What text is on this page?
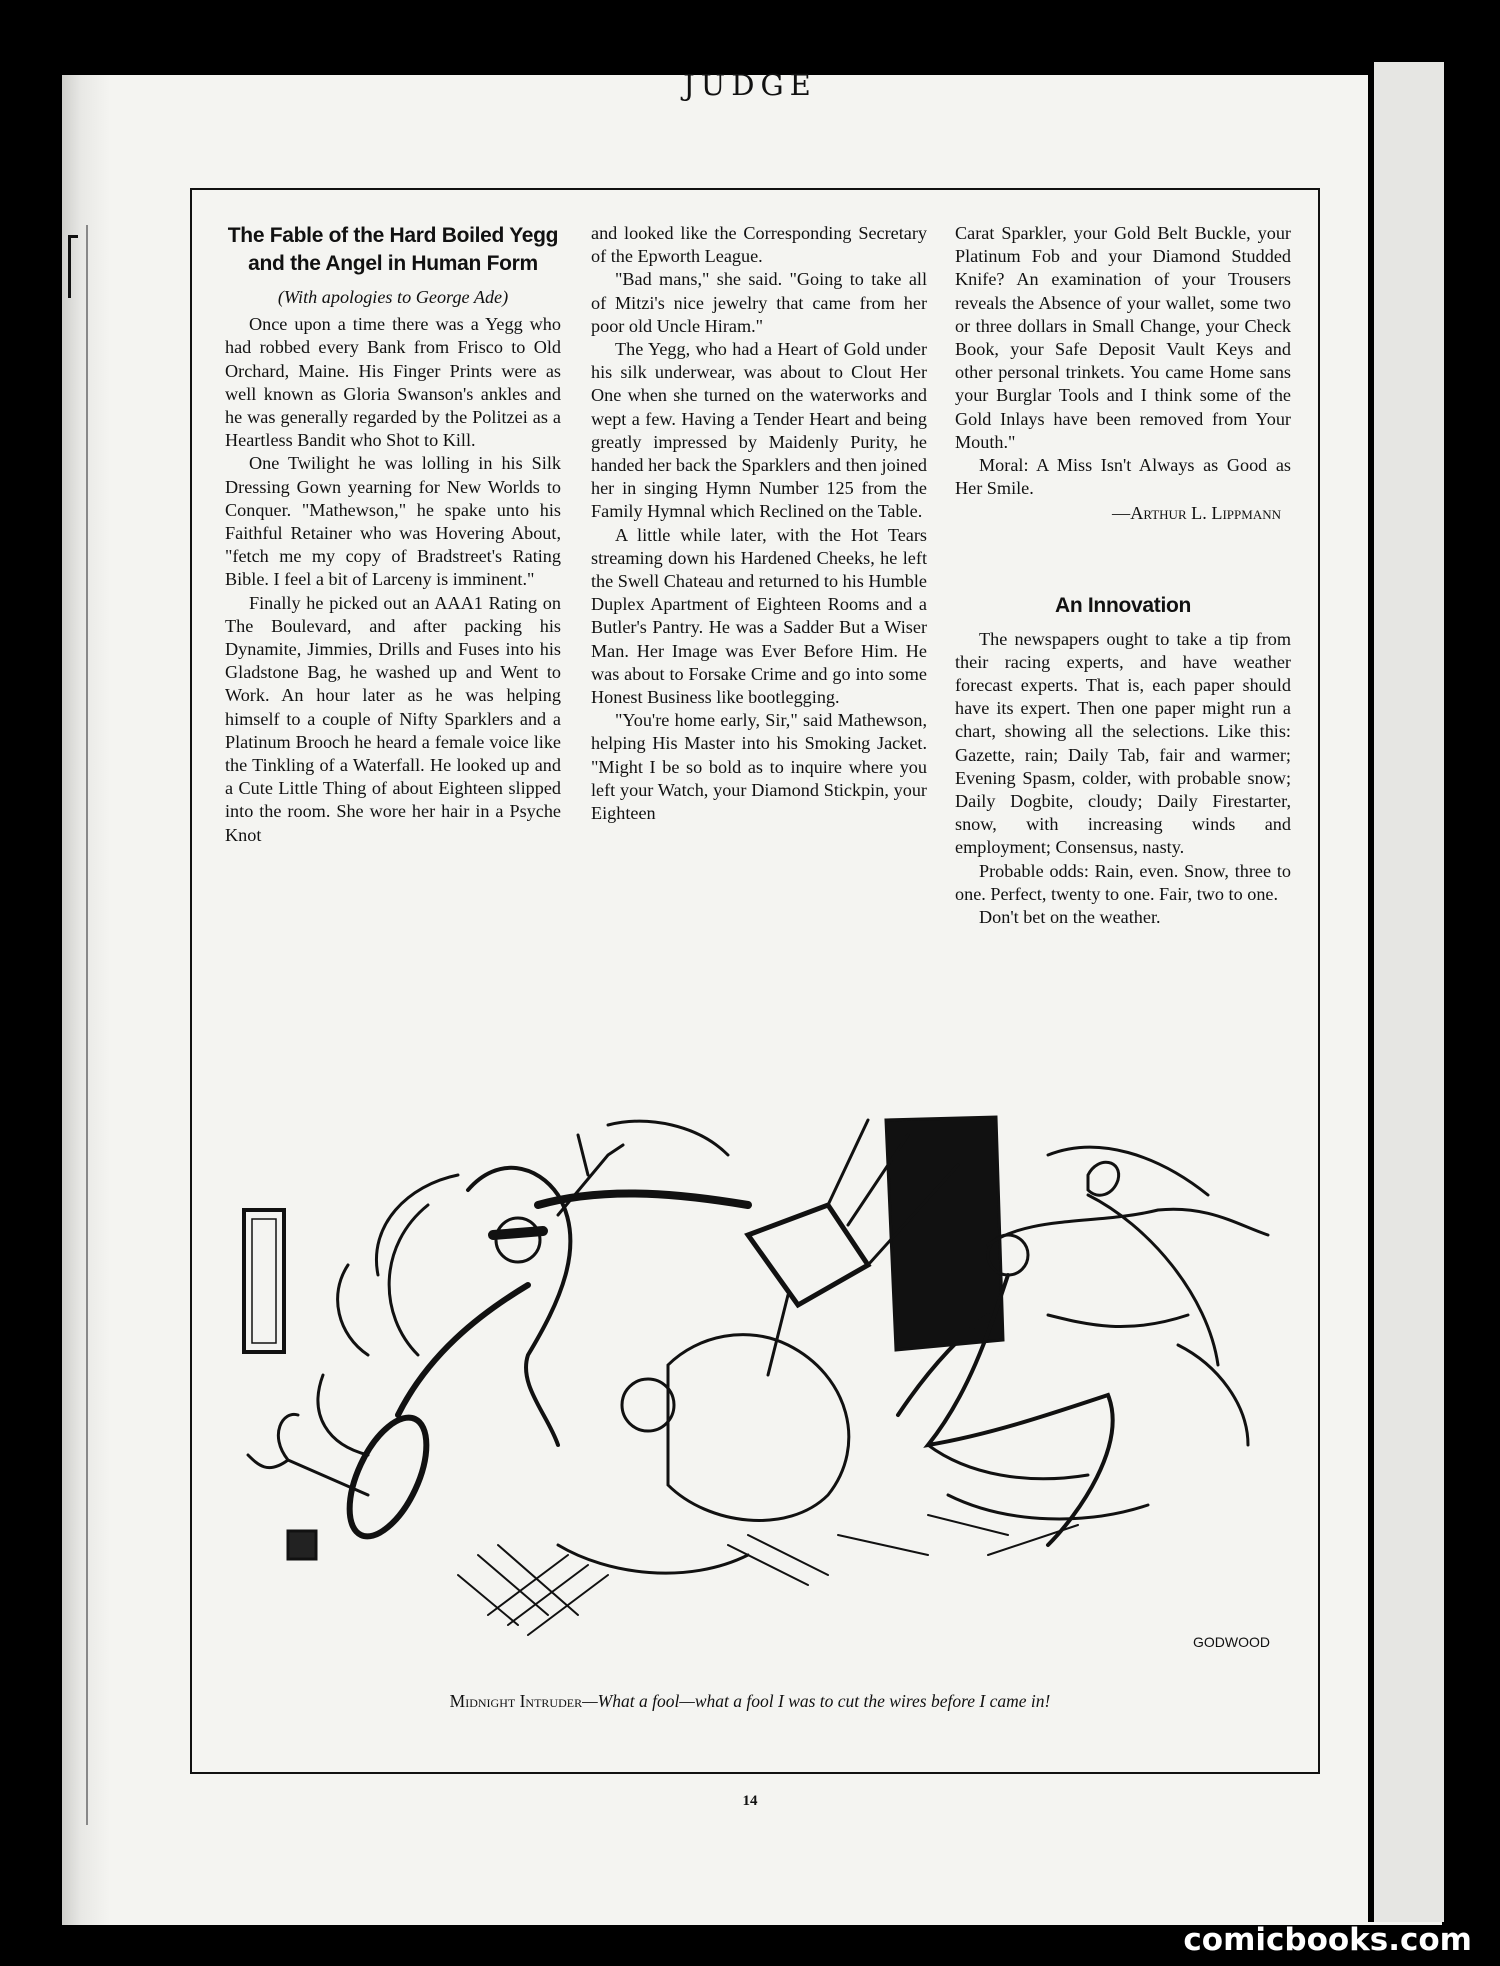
JUDGE
The Fable of the Hard Boiled Yegg and the Angel in Human Form
(With apologies to George Ade)

Once upon a time there was a Yegg who had robbed every Bank from Frisco to Old Orchard, Maine. His Finger Prints were as well known as Gloria Swanson's ankles and he was generally regarded by the Politzei as a Heartless Bandit who Shot to Kill.

One Twilight he was lolling in his Silk Dressing Gown yearning for New Worlds to Conquer. "Mathewson," he spake unto his Faithful Retainer who was Hovering About, "fetch me my copy of Bradstreet's Rating Bible. I feel a bit of Larceny is imminent."

Finally he picked out an AAA1 Rating on The Boulevard, and after packing his Dynamite, Jimmies, Drills and Fuses into his Gladstone Bag, he washed up and Went to Work. An hour later as he was helping himself to a couple of Nifty Sparklers and a Platinum Brooch he heard a female voice like the Tinkling of a Waterfall. He looked up and a Cute Little Thing of about Eighteen slipped into the room. She wore her hair in a Psyche Knot

and looked like the Corresponding Secretary of the Epworth League.

"Bad mans," she said. "Going to take all of Mitzi's nice jewelry that came from her poor old Uncle Hiram."

The Yegg, who had a Heart of Gold under his silk underwear, was about to Clout Her One when she turned on the waterworks and wept a few. Having a Tender Heart and being greatly impressed by Maidenly Purity, he handed her back the Sparklers and then joined her in singing Hymn Number 125 from the Family Hymnal which Reclined on the Table.

A little while later, with the Hot Tears streaming down his Hardened Cheeks, he left the Swell Chateau and returned to his Humble Duplex Apartment of Eighteen Rooms and a Butler's Pantry. He was a Sadder But a Wiser Man. Her Image was Ever Before Him. He was about to Forsake Crime and go into some Honest Business like bootlegging.

"You're home early, Sir," said Mathewson, helping His Master into his Smoking Jacket. "Might I be so bold as to inquire where you left your Watch, your Diamond Stickpin, your Eighteen

Carat Sparkler, your Gold Belt Buckle, your Platinum Fob and your Diamond Studded Knife? An examination of your Trousers reveals the Absence of your wallet, some two or three dollars in Small Change, your Check Book, your Safe Deposit Vault Keys and other personal trinkets. You came Home sans your Burglar Tools and I think some of the Gold Inlays have been removed from Your Mouth."

Moral: A Miss Isn't Always as Good as Her Smile.

—Arthur L. Lippmann
An Innovation

The newspapers ought to take a tip from their racing experts, and have weather forecast experts. That is, each paper should have its expert. Then one paper might run a chart, showing all the selections. Like this: Gazette, rain; Daily Tab, fair and warmer; Evening Spasm, colder, with probable snow; Daily Dogbite, cloudy; Daily Firestarter, snow, with increasing winds and employment; Consensus, nasty.

Probable odds: Rain, even. Snow, three to one. Perfect, twenty to one. Fair, two to one.

Don't bet on the weather.

GODWOOD
Midnight Intruder—What a fool—what a fool I was to cut the wires before I came in!
14
comicbooks.com
